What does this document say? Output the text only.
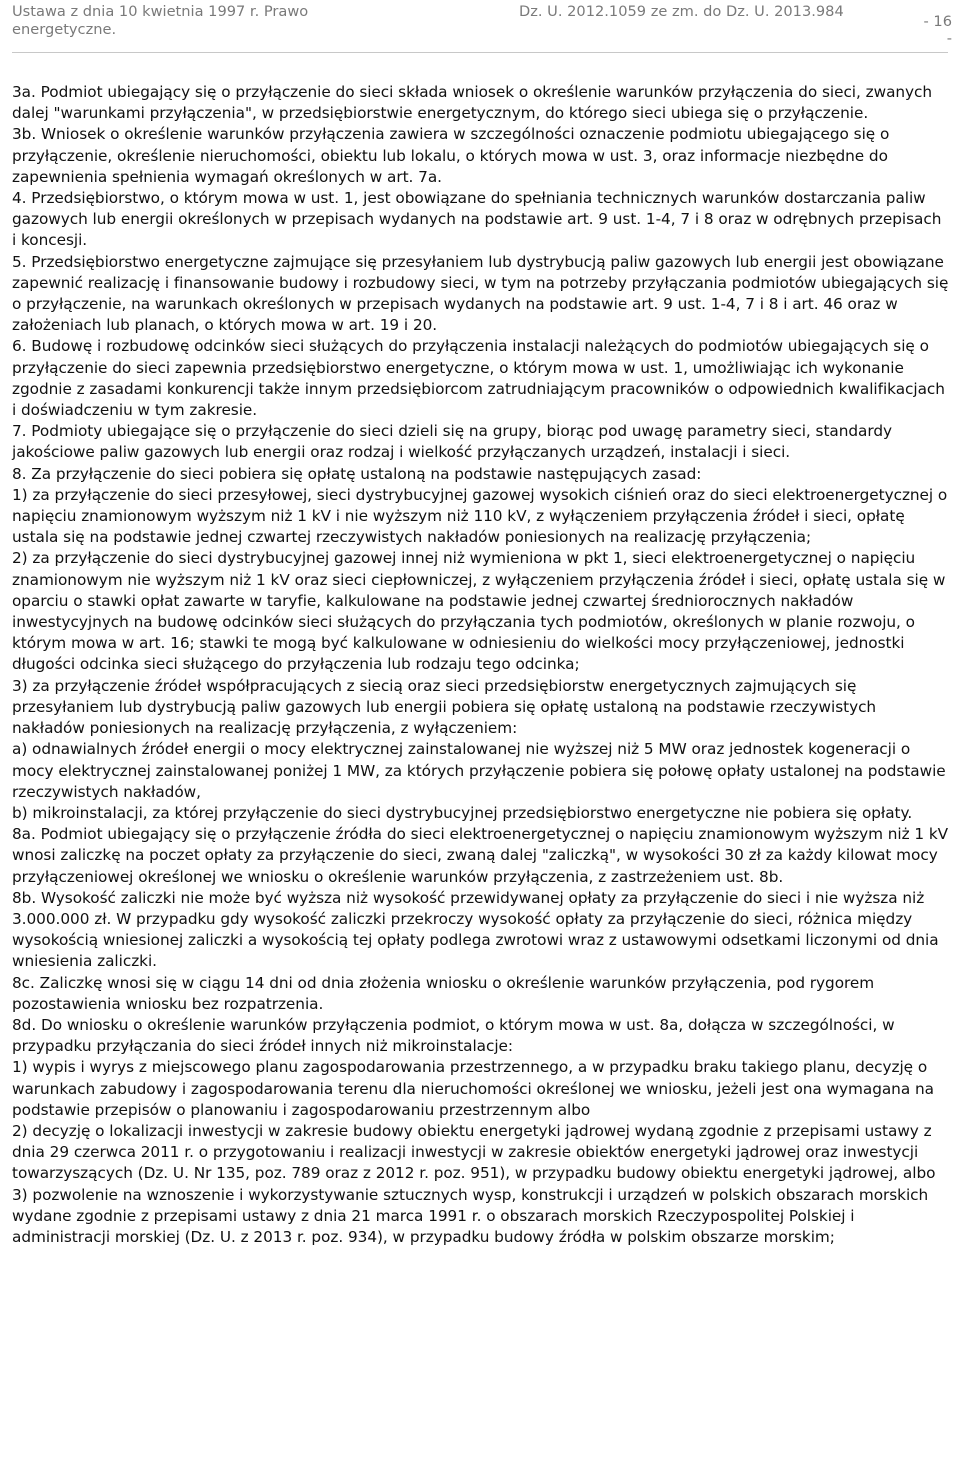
Ustawa z dnia 10 kwietnia 1997 r. Prawo
energetyczne.
Dz. U. 2012.1059 ze zm. do Dz. U. 2013.984
- 16
-

3a. Podmiot ubiegający się o przyłączenie do sieci składa wniosek o określenie warunków przyłączenia do sieci, zwanych dalej "warunkami przyłączenia", w przedsiębiorstwie energetycznym, do którego sieci ubiega się o przyłączenie.

3b. Wniosek o określenie warunków przyłączenia zawiera w szczególności oznaczenie podmiotu ubiegającego się o przyłączenie, określenie nieruchomości, obiektu lub lokalu, o których mowa w ust. 3, oraz informacje niezbędne do zapewnienia spełnienia wymagań określonych w art. 7a.

4. Przedsiębiorstwo, o którym mowa w ust. 1, jest obowiązane do spełniania technicznych warunków dostarczania paliw gazowych lub energii określonych w przepisach wydanych na podstawie art. 9 ust. 1-4, 7 i 8 oraz w odrębnych przepisach i koncesji.

5. Przedsiębiorstwo energetyczne zajmujące się przesyłaniem lub dystrybucją paliw gazowych lub energii jest obowiązane zapewnić realizację i finansowanie budowy i rozbudowy sieci, w tym na potrzeby przyłączania podmiotów ubiegających się o przyłączenie, na warunkach określonych w przepisach wydanych na podstawie art. 9 ust. 1-4, 7 i 8 i art. 46 oraz w założeniach lub planach, o których mowa w art. 19 i 20.

6. Budowę i rozbudowę odcinków sieci służących do przyłączenia instalacji należących do podmiotów ubiegających się o przyłączenie do sieci zapewnia przedsiębiorstwo energetyczne, o którym mowa w ust. 1, umożliwiając ich wykonanie zgodnie z zasadami konkurencji także innym przedsiębiorcom zatrudniającym pracowników o odpowiednich kwalifikacjach i doświadczeniu w tym zakresie.

7. Podmioty ubiegające się o przyłączenie do sieci dzieli się na grupy, biorąc pod uwagę parametry sieci, standardy jakościowe paliw gazowych lub energii oraz rodzaj i wielkość przyłączanych urządzeń, instalacji i sieci.

8. Za przyłączenie do sieci pobiera się opłatę ustaloną na podstawie następujących zasad:

1) za przyłączenie do sieci przesyłowej, sieci dystrybucyjnej gazowej wysokich ciśnień oraz do sieci elektroenergetycznej o napięciu znamionowym wyższym niż 1 kV i nie wyższym niż 110 kV, z wyłączeniem przyłączenia źródeł i sieci, opłatę ustala się na podstawie jednej czwartej rzeczywistych nakładów poniesionych na realizację przyłączenia;

2) za przyłączenie do sieci dystrybucyjnej gazowej innej niż wymieniona w pkt 1, sieci elektroenergetycznej o napięciu znamionowym nie wyższym niż 1 kV oraz sieci ciepłowniczej, z wyłączeniem przyłączenia źródeł i sieci, opłatę ustala się w oparciu o stawki opłat zawarte w taryfie, kalkulowane na podstawie jednej czwartej średniorocznych nakładów inwestycyjnych na budowę odcinków sieci służących do przyłączania tych podmiotów, określonych w planie rozwoju, o którym mowa w art. 16; stawki te mogą być kalkulowane w odniesieniu do wielkości mocy przyłączeniowej, jednostki długości odcinka sieci służącego do przyłączenia lub rodzaju tego odcinka;

3) za przyłączenie źródeł współpracujących z siecią oraz sieci przedsiębiorstw energetycznych zajmujących się przesyłaniem lub dystrybucją paliw gazowych lub energii pobiera się opłatę ustaloną na podstawie rzeczywistych nakładów poniesionych na realizację przyłączenia, z wyłączeniem:

a) odnawialnych źródeł energii o mocy elektrycznej zainstalowanej nie wyższej niż 5 MW oraz jednostek kogeneracji o mocy elektrycznej zainstalowanej poniżej 1 MW, za których przyłączenie pobiera się połowę opłaty ustalonej na podstawie rzeczywistych nakładów,

b) mikroinstalacji, za której przyłączenie do sieci dystrybucyjnej przedsiębiorstwo energetyczne nie pobiera się opłaty.

8a. Podmiot ubiegający się o przyłączenie źródła do sieci elektroenergetycznej o napięciu znamionowym wyższym niż 1 kV wnosi zaliczkę na poczet opłaty za przyłączenie do sieci, zwaną dalej "zaliczką", w wysokości 30 zł za każdy kilowat mocy przyłączeniowej określonej we wniosku o określenie warunków przyłączenia, z zastrzeżeniem ust. 8b.

8b. Wysokość zaliczki nie może być wyższa niż wysokość przewidywanej opłaty za przyłączenie do sieci i nie wyższa niż 3.000.000 zł. W przypadku gdy wysokość zaliczki przekroczy wysokość opłaty za przyłączenie do sieci, różnica między wysokością wniesionej zaliczki a wysokością tej opłaty podlega zwrotowi wraz z ustawowymi odsetkami liczonymi od dnia wniesienia zaliczki.

8c. Zaliczkę wnosi się w ciągu 14 dni od dnia złożenia wniosku o określenie warunków przyłączenia, pod rygorem pozostawienia wniosku bez rozpatrzenia.

8d. Do wniosku o określenie warunków przyłączenia podmiot, o którym mowa w ust. 8a, dołącza w szczególności, w przypadku przyłączania do sieci źródeł innych niż mikroinstalacje:

1) wypis i wyrys z miejscowego planu zagospodarowania przestrzennego, a w przypadku braku takiego planu, decyzję o warunkach zabudowy i zagospodarowania terenu dla nieruchomości określonej we wniosku, jeżeli jest ona wymagana na podstawie przepisów o planowaniu i zagospodarowaniu przestrzennym albo

2) decyzję o lokalizacji inwestycji w zakresie budowy obiektu energetyki jądrowej wydaną zgodnie z przepisami ustawy z dnia 29 czerwca 2011 r. o przygotowaniu i realizacji inwestycji w zakresie obiektów energetyki jądrowej oraz inwestycji towarzyszących (Dz. U. Nr 135, poz. 789 oraz z 2012 r. poz. 951), w przypadku budowy obiektu energetyki jądrowej, albo

3) pozwolenie na wznoszenie i wykorzystywanie sztucznych wysp, konstrukcji i urządzeń w polskich obszarach morskich wydane zgodnie z przepisami ustawy z dnia 21 marca 1991 r. o obszarach morskich Rzeczypospolitej Polskiej i administracji morskiej (Dz. U. z 2013 r. poz. 934), w przypadku budowy źródła w polskim obszarze morskim;
